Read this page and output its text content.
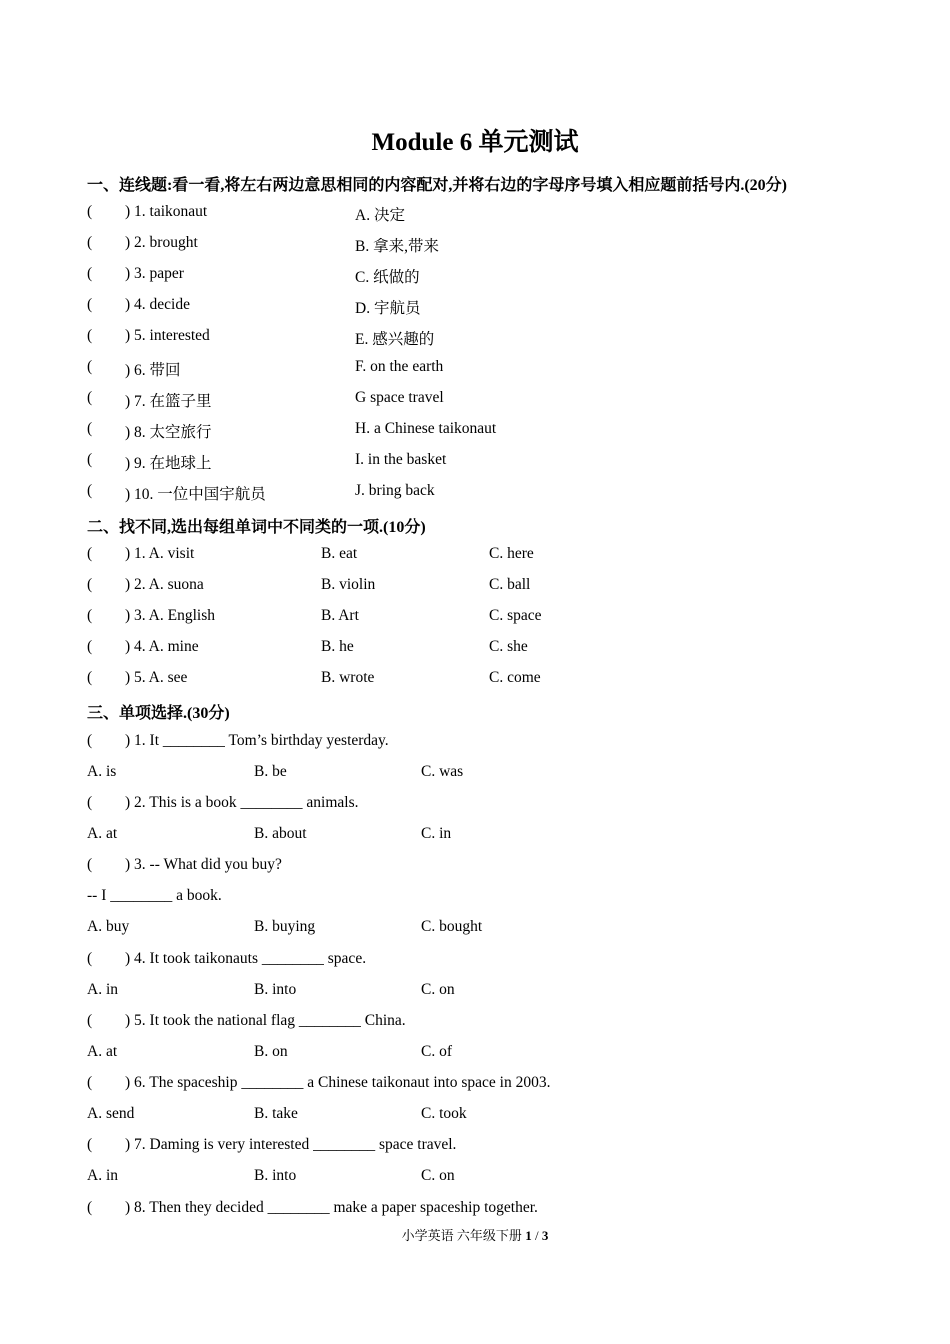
Module 6 单元测试
一、连线题:看一看,将左右两边意思相同的内容配对,并将右边的字母序号填入相应题前括号内.(20分)
( ) 1. taikonaut	A. 决定
( ) 2. brought	B. 拿来,带来
( ) 3. paper	C. 纸做的
( ) 4. decide	D. 宇航员
( ) 5. interested	E. 感兴趣的
( ) 6. 带回	F. on the earth
( ) 7. 在篮子里	G space travel
( ) 8. 太空旅行	H. a Chinese taikonaut
( ) 9. 在地球上	I. in the basket
( ) 10. 一位中国宇航员	J. bring back
二、找不同,选出每组单词中不同类的一项.(10分)
( ) 1. A. visit	B. eat	C. here
( ) 2. A. suona	B. violin	C. ball
( ) 3. A. English	B. Art	C. space
( ) 4. A. mine	B. he	C. she
( ) 5. A. see	B. wrote	C. come
三、单项选择.(30分)
( ) 1. It ________ Tom’s birthday yesterday.
A. is	B. be	C. was
( ) 2. This is a book ________ animals.
A. at	B. about	C. in
( ) 3. -- What did you buy?
-- I ________ a book.
A. buy	B. buying	C. bought
( ) 4. It took taikonauts ________ space.
A. in	B. into	C. on
( ) 5. It took the national flag ________ China.
A. at	B. on	C. of
( ) 6. The spaceship ________ a Chinese taikonaut into space in 2003.
A. send	B. take	C. took
( ) 7. Daming is very interested ________ space travel.
A. in	B. into	C. on
( ) 8. Then they decided ________ make a paper spaceship together.
小学英语 六年级下册 1 / 3
